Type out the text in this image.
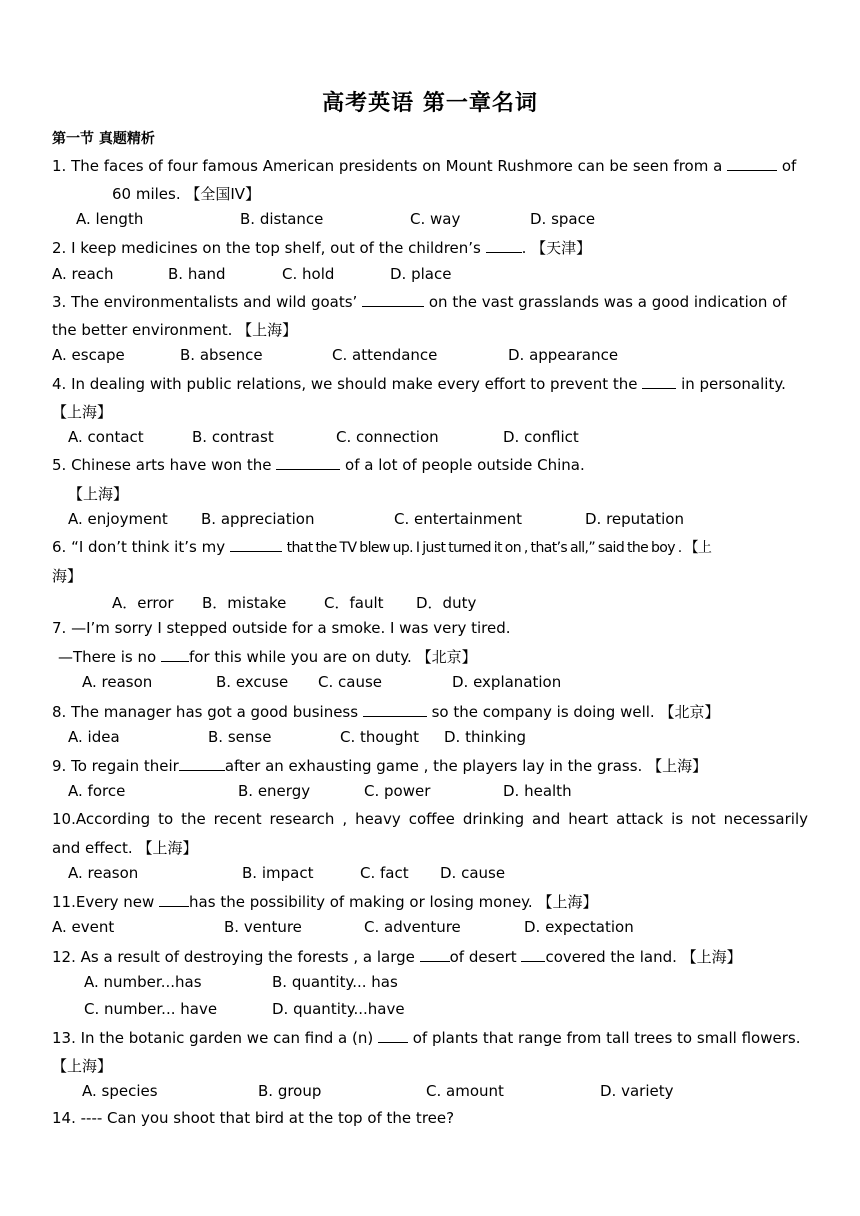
高考英语 第一章名词
第一节 真题精析
1. The faces of four famous American presidents on Mount Rushmore can be seen from a	of
60 miles. 【全国IV】
A. length	B. distance	C. way	D. space
2. I keep medicines on the top shelf, out of the children’s . 【天津】
A. reach	B. hand	C. hold	D. place
3. The environmentalists and wild goats’	on the vast grasslands was a good indication of
the better environment. 【上海】
A. escape	B. absence	C. attendance	D. appearance
4. In dealing with public relations, we should make every effort to prevent the  in personality.
【上海】
A. contact	B. contrast	C. connection	D. conflict
5. Chinese arts have won the	of a lot of people outside China.
【上海】
A. enjoyment B. appreciation	C. entertainment	D. reputation
6. “I don’t think it’s my	that the TV blew up. I just turned it on , that’s all,” said the boy . 【上
海】
A．error B．mistake	C．fault D．duty
7. —I’m sorry I stepped outside for a smoke. I was very tired.
—There is no for this while you are on duty. 【北京】
A. reason	B. excuse C. cause	D. explanation
8. The manager has got a good business	so the company is doing well. 【北京】
A. idea	B. sense	C. thought D. thinking
9. To regain their	after an exhausting game , the players lay in the grass. 【上海】
A. force	B. energy	C. power	D. health
10.According to the recent research , heavy coffee drinking and heart attack is not necessarily
and effect. 【上海】
A. reason	B. impact	C. fact D. cause
11.Every new has the possibility of making or losing money. 【上海】
A. event	B. venture	C. adventure	D. expectation
12. As a result of destroying the forests , a large of desert covered the land. 【上海】
A. number...has	B. quantity... has
C. number... have	D. quantity...have
13. In the botanic garden we can find a (n)  of plants that range from tall trees to small flowers.
【上海】
A. species	B. group	C. amount	D. variety
14. ---- Can you shoot that bird at the top of the tree?
